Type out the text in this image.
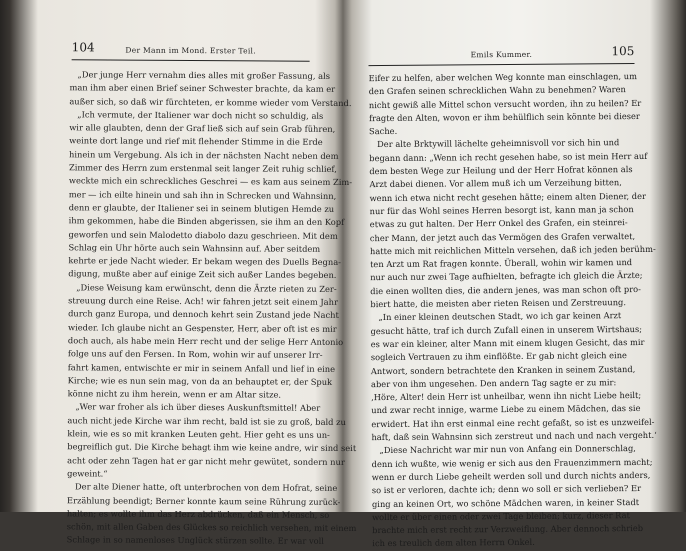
104	Der Mann im Mond. Erster Teil.
„Der junge Herr vernahm dies alles mit großer Fassung, als
man ihm aber einen Brief seiner Schwester brachte, da kam er
außer sich, so daß wir fürchteten, er komme wieder vom Verstand.
„Ich vermute, der Italiener war doch nicht so schuldig, als
wir alle glaubten, denn der Graf ließ sich auf sein Grab führen,
weinte dort lange und rief mit flehender Stimme in die Erde
hinein um Vergebung. Als ich in der nächsten Nacht neben dem
Zimmer des Herrn zum erstenmal seit langer Zeit ruhig schlief,
weckte mich ein schreckliches Geschrei — es kam aus seinem Zim-
mer — ich eilte hinein und sah ihn in Schrecken und Wahnsinn,
denn er glaubte, der Italiener sei in seinem blutigen Hemde zu
ihm gekommen, habe die Binden abgerissen, sie ihm an den Kopf
geworfen und sein Malodetto diabolo dazu geschrieen. Mit dem
Schlag ein Uhr hörte auch sein Wahnsinn auf. Aber seitdem
kehrte er jede Nacht wieder. Er bekam wegen des Duells Begna-
digung, mußte aber auf einige Zeit sich außer Landes begeben.
„Diese Weisung kam erwünscht, denn die Ärzte rieten zu Zer-
streuung durch eine Reise. Ach! wir fahren jetzt seit einem Jahr
durch ganz Europa, und dennoch kehrt sein Zustand jede Nacht
wieder. Ich glaube nicht an Gespenster, Herr, aber oft ist es mir
doch auch, als habe mein Herr recht und der selige Herr Antonio
folge uns auf den Fersen. In Rom, wohin wir auf unserer Irr-
fahrt kamen, entwischte er mir in seinem Anfall und lief in eine
Kirche; wie es nun sein mag, von da an behauptet er, der Spuk
könne nicht zu ihm herein, wenn er am Altar sitze.
„Wer war froher als ich über dieses Auskunftsmittel! Aber
auch nicht jede Kirche war ihm recht, bald ist sie zu groß, bald zu
klein, wie es so mit kranken Leuten geht. Hier geht es uns un-
begreiflich gut. Die Kirche behagt ihm wie keine andre, wir sind seit
acht oder zehn Tagen hat er gar nicht mehr gewütet, sondern nur
geweint.“
Der alte Diener hatte, oft unterbrochen von dem Hofrat, seine
Erzählung beendigt; Berner konnte kaum seine Rührung zurück-
halten; es wollte ihm das Herz abdrücken, daß ein Mensch, so
schön, mit allen Gaben des Glückes so reichlich versehen, mit einem
Schlage in so namenloses Unglück stürzen sollte. Er war voll
Emils Kummer.	105
Eifer zu helfen, aber welchen Weg konnte man einschlagen, um
den Grafen seinen schrecklichen Wahn zu benehmen? Waren
nicht gewiß alle Mittel schon versucht worden, ihn zu heilen? Er
fragte den Alten, wovon er ihm behülflich sein könnte bei dieser
Sache.
Der alte Brktywill lächelte geheimnisvoll vor sich hin und
begann dann: „Wenn ich recht gesehen habe, so ist mein Herr auf
dem besten Wege zur Heilung und der Herr Hofrat können als
Arzt dabei dienen. Vor allem muß ich um Verzeihung bitten,
wenn ich etwa nicht recht gesehen hätte; einem alten Diener, der
nur für das Wohl seines Herren besorgt ist, kann man ja schon
etwas zu gut halten. Der Herr Onkel des Grafen, ein steinrei-
cher Mann, der jetzt auch das Vermögen des Grafen verwaltet,
hatte mich mit reichlichen Mitteln versehen, daß ich jeden berühm-
ten Arzt um Rat fragen konnte. Überall, wohin wir kamen und
nur auch nur zwei Tage aufhielten, befragte ich gleich die Ärzte;
die einen wollten dies, die andern jenes, was man schon oft pro-
biert hatte, die meisten aber rieten Reisen und Zerstreuung.
„In einer kleinen deutschen Stadt, wo ich gar keinen Arzt
gesucht hätte, traf ich durch Zufall einen in unserem Wirtshaus;
es war ein kleiner, alter Mann mit einem klugen Gesicht, das mir
sogleich Vertrauen zu ihm einflößte. Er gab nicht gleich eine
Antwort, sondern betrachtete den Kranken in seinem Zustand,
aber von ihm ungesehen. Den andern Tag sagte er zu mir:
‚Höre, Alter! dein Herr ist unheilbar, wenn ihn nicht Liebe heilt;
und zwar recht innige, warme Liebe zu einem Mädchen, das sie
erwidert. Hat ihn erst einmal eine recht gefaßt, so ist es unzweifel-
haft, daß sein Wahnsinn sich zerstreut und nach und nach vergeht.‘
„Diese Nachricht war mir nun von Anfang ein Donnerschlag,
denn ich wußte, wie wenig er sich aus den Frauenzimmern macht;
wenn er durch Liebe geheilt werden soll und durch nichts anders,
so ist er verloren, dachte ich; denn wo soll er sich verlieben? Er
ging an keinen Ort, wo schöne Mädchen waren, in keiner Stadt
wollte er über einen oder zwei Tage bleiben; kurz, dieser Rat
brachte mich erst recht zur Verzweiflung. Aber dennoch schrieb
ich es treulich dem alten Herrn Onkel.
